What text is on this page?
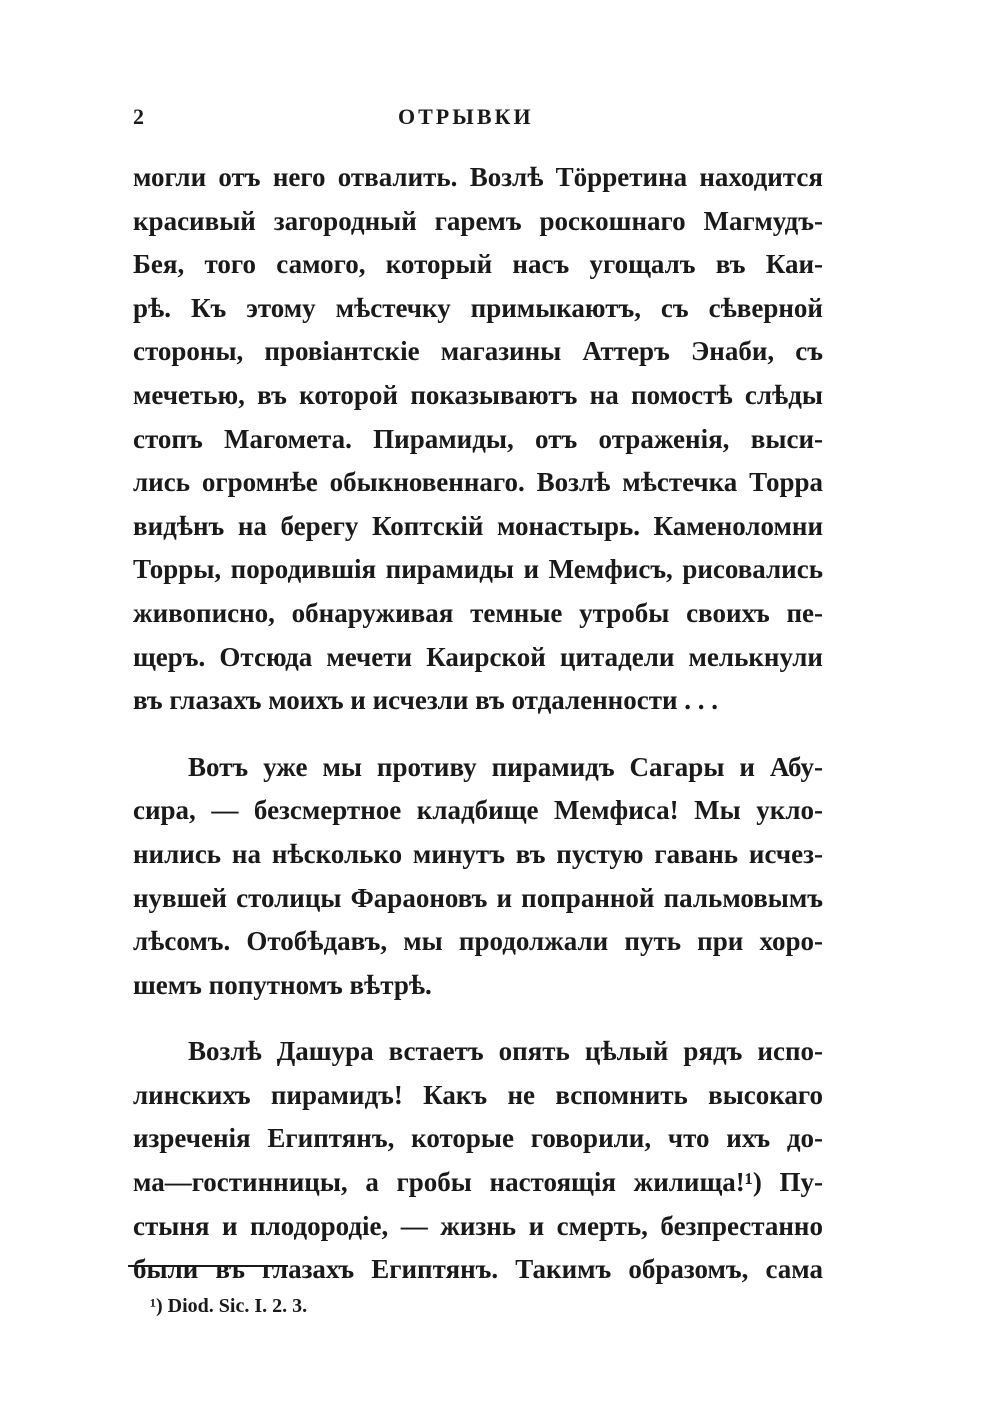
2	ОТРЫВКИ
могли отъ него отвалить. Возлѣ Тӧрретина находится
красивый загородный гаремъ роскошнаго Магмудъ-
Бея, того самого, который насъ угощалъ въ Каи-
рѣ. Къ этому мѣстечку примыкаютъ, съ сѣверной
стороны, провіантскіе магазины Аттеръ Энаби, съ
мечетью, въ которой показываютъ на помостѣ слѣды
стопъ Магомета. Пирамиды, отъ отраженія, выси-
лись огромнѣе обыкновеннаго. Возлѣ мѣстечка Торра
видѣнъ на берегу Коптскій монастырь. Каменоломни
Торры, породившія пирамиды и Мемфисъ, рисовались
живописно, обнаруживая темные утробы своихъ пе-
щеръ. Отсюда мечети Каирской цитадели мелькнули
въ глазахъ моихъ и исчезли въ отдаленности . . .
Вотъ уже мы противу пирамидъ Сагары и Абу-
сира, — безсмертное кладбище Мемфиса! Мы укло-
нились на нѣсколько минутъ въ пустую гавань исчез-
нувшей столицы Фараоновъ и попранной пальмовымъ
лѣсомъ. Отобѣдавъ, мы продолжали путь при хоро-
шемъ попутномъ вѣтрѣ.
Возлѣ Дашура встаетъ опять цѣлый рядъ испо-
линскихъ пирамидъ! Какъ не вспомнить высокаго
изреченія Египтянъ, которые говорили, что ихъ до-
ма—гостинницы, а гробы настоящія жилища!¹) Пу-
стыня и плодородіе, — жизнь и смерть, безпрестанно
были въ глазахъ Египтянъ. Такимъ образомъ, сама
¹) Diod. Sic. I. 2. 3.
